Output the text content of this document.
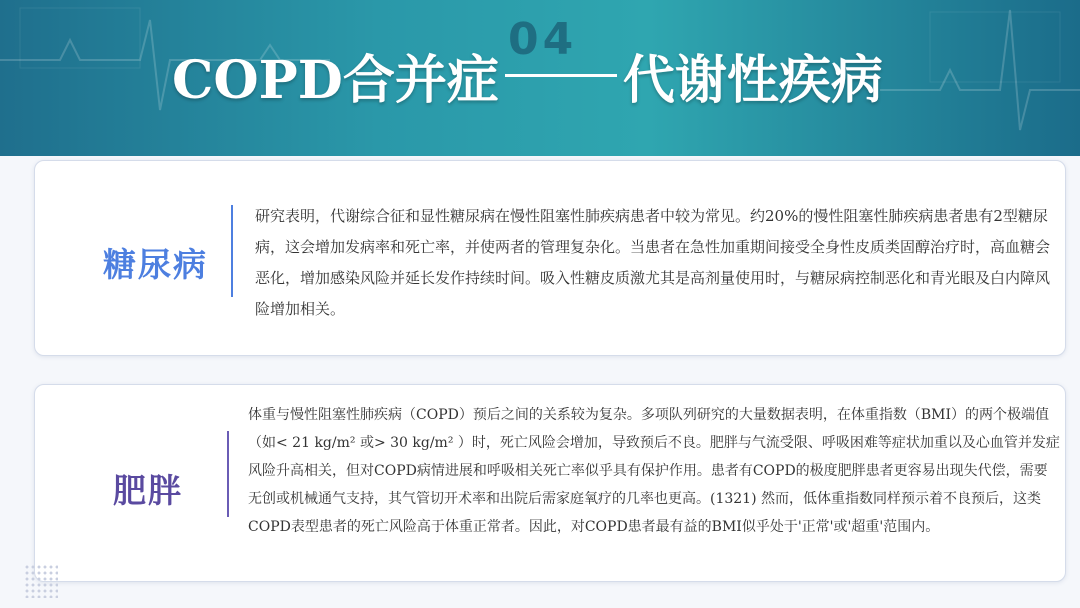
04
COPD合并症 代谢性疾病
糖尿病

研究表明，代谢综合征和显性糖尿病在慢性阻塞性肺疾病患者中较为常见。约20%的慢性阻塞性肺疾病患者患有2型糖尿病，这会增加发病率和死亡率，并使两者的管理复杂化。当患者在急性加重期间接受全身性皮质类固醇治疗时，高血糖会恶化，增加感染风险并延长发作持续时间。吸入性糖皮质激尤其是高剂量使用时，与糖尿病控制恶化和青光眼及白内障风险增加相关。

肥胖

体重与慢性阻塞性肺疾病（COPD）预后之间的关系较为复杂。多项队列研究的大量数据表明，在体重指数（BMI）的两个极端值（如< 21 kg/m² 或> 30 kg/m² ）时，死亡风险会增加，导致预后不良。肥胖与气流受限、呼吸困难等症状加重以及心血管并发症风险升高相关，但对COPD病情进展和呼吸相关死亡率似乎具有保护作用。患者有COPD的极度肥胖患者更容易出现失代偿，需要无创或机械通气支持，其气管切开术率和出院后需家庭氧疗的几率也更高。(1321) 然而，低体重指数同样预示着不良预后，这类COPD表型患者的死亡风险高于体重正常者。因此，对COPD患者最有益的BMI似乎处于'正常'或'超重'范围内。
